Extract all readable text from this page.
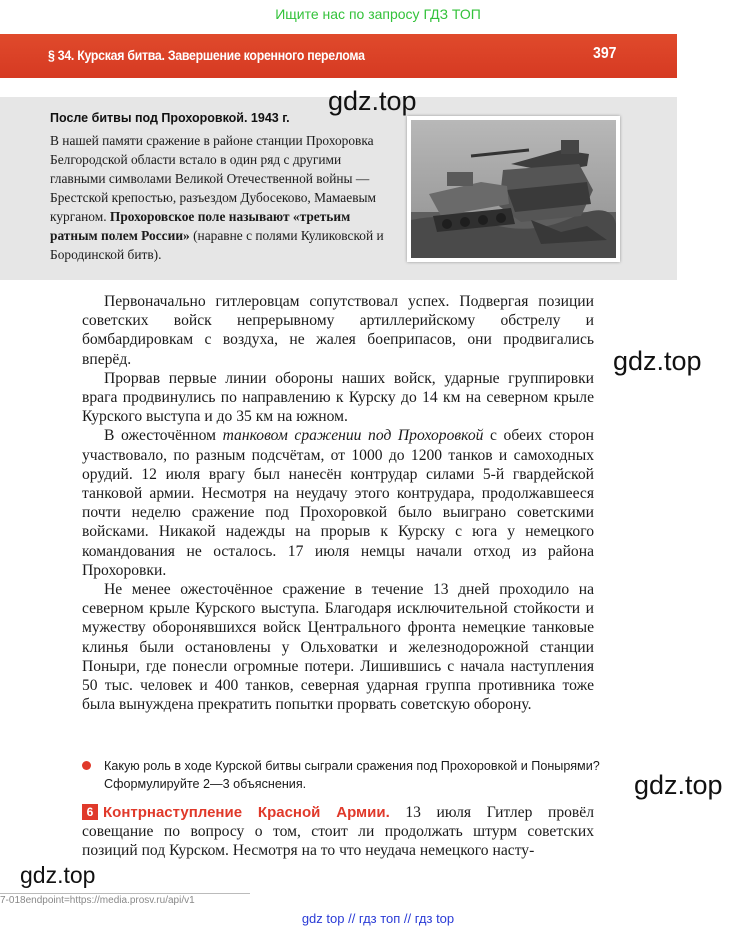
Ищите нас по запросу ГДЗ ТОП
§ 34. Курская битва. Завершение коренного перелома	397
После битвы под Прохоровкой. 1943 г.
В нашей памяти сражение в районе станции Прохоровка Белгородской области встало в один ряд с другими главными символами Великой Отечественной войны — Брестской крепостью, разъездом Дубосеково, Мамаевым курганом. Прохоровское поле называют «третьим ратным полем России» (наравне с полями Куликовской и Бородинской битв).
gdz.top
gdz.top
gdz.top
gdz.top

Первоначально гитлеровцам сопутствовал успех. Подвергая позиции советских войск непрерывному артиллерийскому обстрелу и бомбардировкам с воздуха, не жалея боеприпасов, они продвигались вперёд.

Прорвав первые линии обороны наших войск, ударные группировки врага продвинулись по направлению к Курску до 14 км на северном крыле Курского выступа и до 35 км на южном.

В ожесточённом танковом сражении под Прохоровкой с обеих сторон участвовало, по разным подсчётам, от 1000 до 1200 танков и самоходных орудий. 12 июля врагу был нанесён контрудар силами 5-й гвардейской танковой армии. Несмотря на неудачу этого контрудара, продолжавшееся почти неделю сражение под Прохоровкой было выиграно советскими войсками. Никакой надежды на прорыв к Курску с юга у немецкого командования не осталось. 17 июля немцы начали отход из района Прохоровки.

Не менее ожесточённое сражение в течение 13 дней проходило на северном крыле Курского выступа. Благодаря исключительной стойкости и мужеству оборонявшихся войск Центрального фронта немецкие танковые клинья были остановлены у Ольховатки и железнодорожной станции Поныри, где понесли огромные потери. Лишившись с начала наступления 50 тыс. человек и 400 танков, северная ударная группа противника тоже была вынуждена прекратить попытки прорвать советскую оборону.

Какую роль в ходе Курской битвы сыграли сражения под Прохоровкой и Понырями? Сформулируйте 2—3 объяснения.
6 Контрнаступление Красной Армии. 13 июля Гитлер провёл совещание по вопросу о том, стоит ли продолжать штурм советских позиций под Курском. Несмотря на то что неудача немецкого насту-
7-018endpoint=https://media.prosv.ru/api/v1
gdz top // гдз топ // гдз top
